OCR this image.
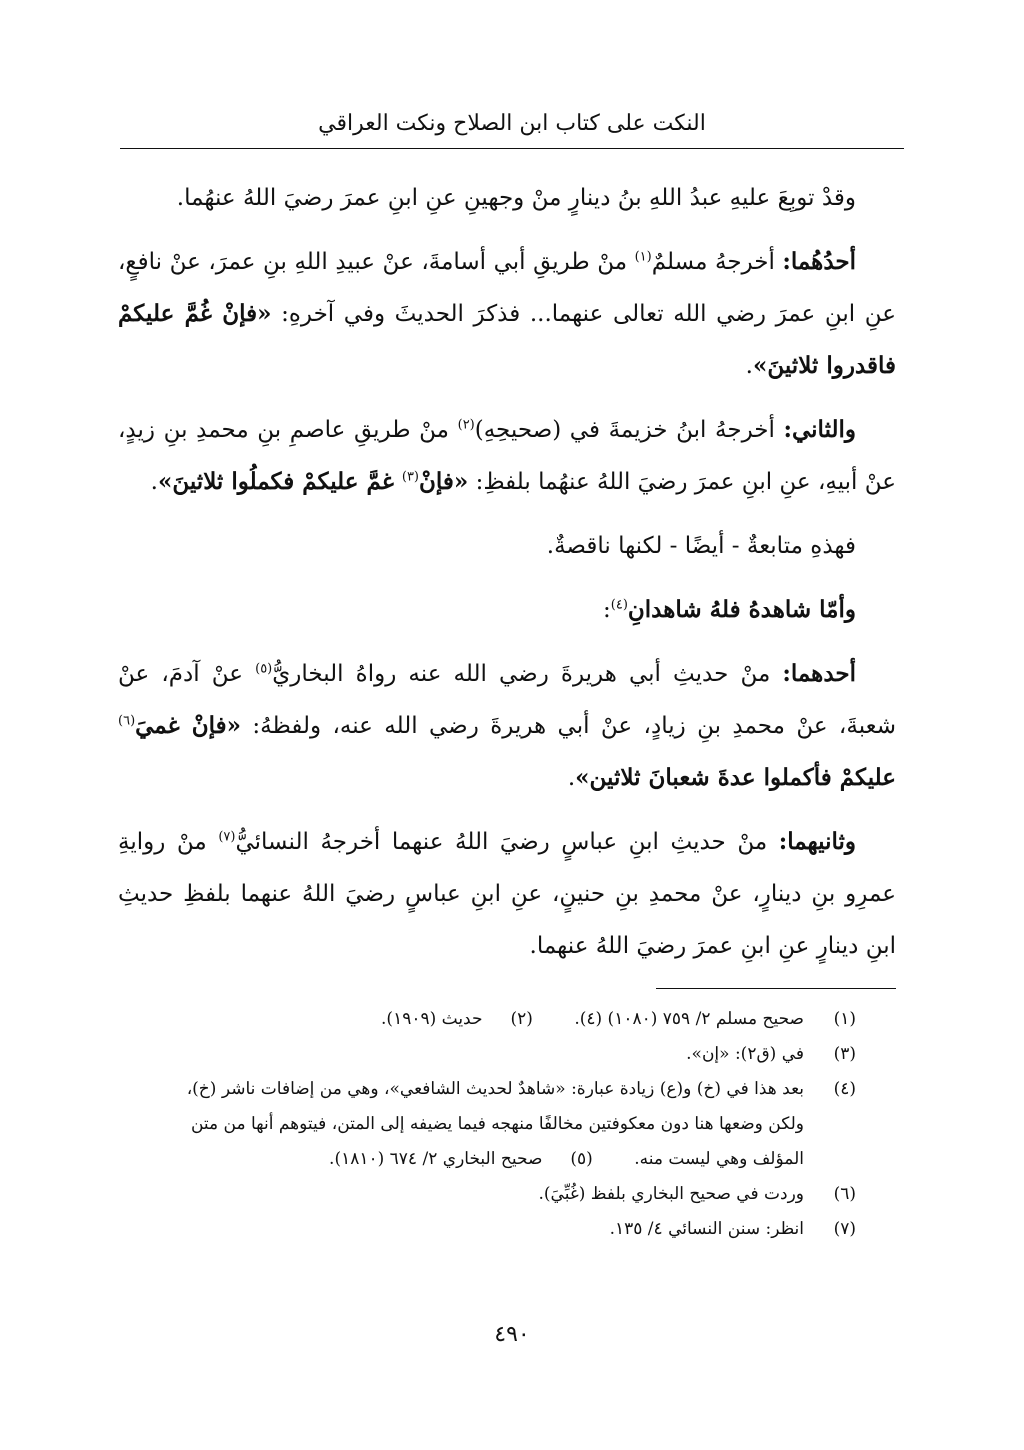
النكت على كتاب ابن الصلاح ونكت العراقي

وقدْ توبِعَ عليهِ عبدُ اللهِ بنُ دينارٍ منْ وجهينِ عنِ ابنِ عمرَ رضيَ اللهُ عنهُما.

أحدُهُما: أخرجهُ مسلمٌ$^{(١)}$ منْ طريقِ أبي أسامةَ، عنْ عبيدِ اللهِ بنِ عمرَ، عنْ نافعٍ، عنِ ابنِ عمرَ رضي الله تعالى عنهما... فذكرَ الحديثَ وفي آخرهِ: «فإنْ غُمَّ عليكمْ فاقدروا ثلاثينَ».

والثاني: أخرجهُ ابنُ خزيمةَ في (صحيحِهِ)$^{(٢)}$ منْ طريقِ عاصمِ بنِ محمدِ بنِ زيدٍ، عنْ أبيهِ، عنِ ابنِ عمرَ رضيَ اللهُ عنهُما بلفظِ: «فإنْ$^{(٣)}$ غمَّ عليكمْ فكملُوا ثلاثينَ».

فهذهِ متابعةٌ - أيضًا - لكنها ناقصةٌ.

وأمّا شاهدهُ فلهُ شاهدانِ$^{(٤)}$:

أحدهما: منْ حديثِ أبي هريرةَ رضي الله عنه رواهُ البخاريُّ$^{(٥)}$ عنْ آدمَ، عنْ شعبةَ، عنْ محمدِ بنِ زيادٍ، عنْ أبي هريرةَ رضي الله عنه، ولفظهُ: «فإنْ غميَ$^{(٦)}$ عليكمْ فأكملوا عدةَ شعبانَ ثلاثين».

وثانيهما: منْ حديثِ ابنِ عباسٍ رضيَ اللهُ عنهما أخرجهُ النسائيُّ$^{(٧)}$ منْ روايةِ عمرِو بنِ دينارٍ، عنْ محمدِ بنِ حنينٍ، عنِ ابنِ عباسٍ رضيَ اللهُ عنهما بلفظِ حديثِ ابنِ دينارٍ عنِ ابنِ عمرَ رضيَ اللهُ عنهما.

(١)
صحيح مسلم ٢/ ٧٥٩ (١٠٨٠) (٤). (٢)حديث (١٩٠٩).
(٣)
في (ق٢): «إن».
(٤)
بعد هذا في (خ) و(ع) زيادة عبارة: «شاهدٌ لحديث الشافعي»، وهي من إضافات ناشر (خ)، ولكن وضعها هنا دون معكوفتين مخالفًا منهجه فيما يضيفه إلى المتن، فيتوهم أنها من متن المؤلف وهي ليست منه. (٥)صحيح البخاري ٢/ ٦٧٤ (١٨١٠).
(٦)
وردت في صحيح البخاري بلفظ (غُبِّيَ).
(٧)
انظر: سنن النسائي ٤/ ١٣٥.
٤٩٠
